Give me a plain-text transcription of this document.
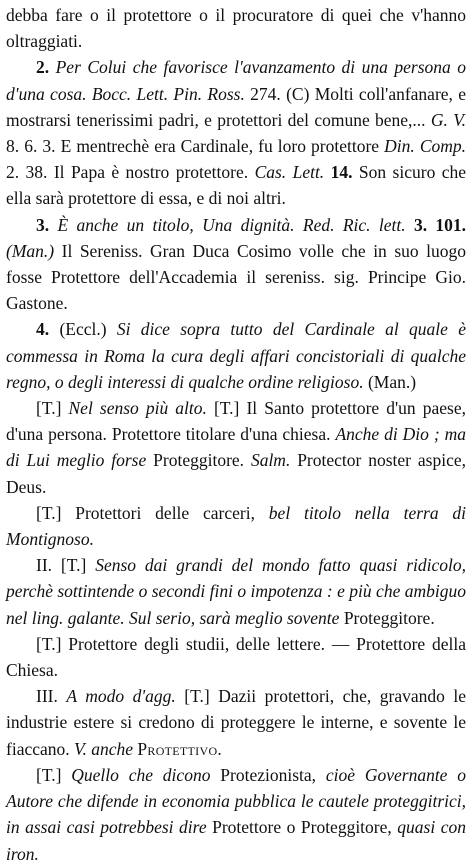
debba fare o il protettore o il procuratore di quei che v'hanno oltraggiati.

2. Per Colui che favorisce l'avanzamento di una persona o d'una cosa. Bocc. Lett. Pin. Ross. 274. (C) Molti coll'anfanare, e mostrarsi tenerissimi padri, e protettori del comune bene,... G. V. 8. 6. 3. E mentrechè era Cardinale, fu loro protettore Din. Comp. 2. 38. Il Papa è nostro protettore. Cas. Lett. 14. Son sicuro che ella sarà protettore di essa, e di noi altri.

3. È anche un titolo, Una dignità. Red. Ric. lett. 3. 101. (Man.) Il Sereniss. Gran Duca Cosimo volle che in suo luogo fosse Protettore dell'Accademia il sereniss. sig. Principe Gio. Gastone.

4. (Eccl.) Si dice sopra tutto del Cardinale al quale è commessa in Roma la cura degli affari concistoriali di qualche regno, o degli interessi di qualche ordine religioso. (Man.)

[T.] Nel senso più alto. [T.] Il Santo protettore d'un paese, d'una persona. Protettore titolare d'una chiesa. Anche di Dio ; ma di Lui meglio forse Proteggitore. Salm. Protector noster aspice, Deus.

[T.] Protettori delle carceri, bel titolo nella terra di Montignoso.

II. [T.] Senso dai grandi del mondo fatto quasi ridicolo, perchè sottintende o secondi fini o impotenza : e più che ambiguo nel ling. galante. Sul serio, sarà meglio sovente Proteggitore.

[T.] Protettore degli studii, delle lettere. — Protettore della Chiesa.

III. A modo d'agg. [T.] Dazii protettori, che, gravando le industrie estere si credono di proteggere le interne, e sovente le fiaccano. V. anche Protettivo.

[T.] Quello che dicono Protezionista, cioè Governante o Autore che difende in economia pubblica le cautele proteggitrici, in assai casi potrebbesi dire Protettore o Proteggitore, quasi con iron.
